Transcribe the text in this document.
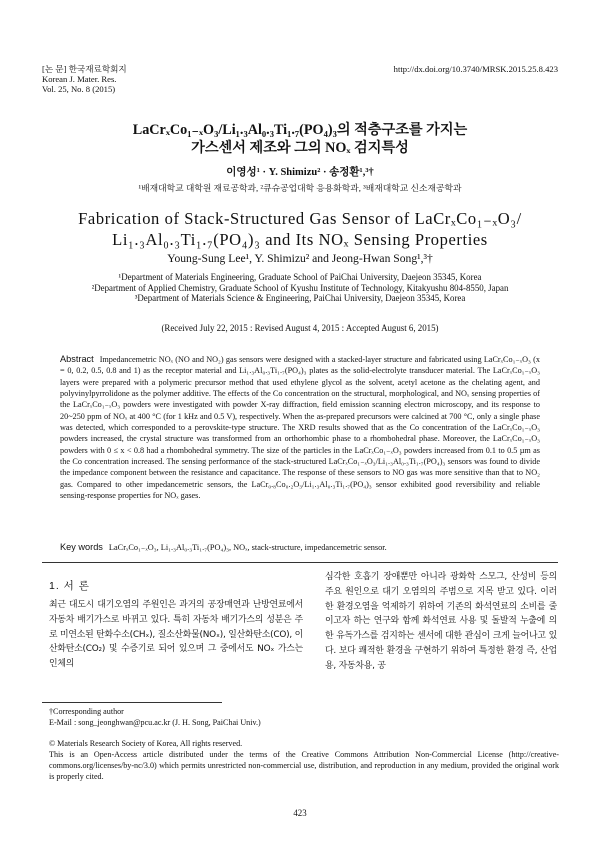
[논 문] 한국재료학회지
Korean J. Mater. Res.
Vol. 25, No. 8 (2015)
http://dx.doi.org/10.3740/MRSK.2015.25.8.423
LaCrₓCo₁₋ₓO₃/Li₁.₃Al₀.₃Ti₁.₇(PO₄)₃의 적층구조를 가지는
가스센서 제조와 그의 NOₓ 검지특성
이영성¹ · Y. Shimizu² · 송정환¹,³†
¹배재대학교 대학원 재료공학과, ²큐슈공업대학 응용화학과, ³배재대학교 신소재공학과
Fabrication of Stack-Structured Gas Sensor of LaCrₓCo₁₋ₓO₃/
Li₁.₃Al₀.₃Ti₁.₇(PO₄)₃ and Its NOₓ Sensing Properties
Young-Sung Lee¹, Y. Shimizu² and Jeong-Hwan Song¹,³†
¹Department of Materials Engineering, Graduate School of PaiChai University, Daejeon 35345, Korea
²Department of Applied Chemistry, Graduate School of Kyushu Institute of Technology, Kitakyushu 804-8550, Japan
³Department of Materials Science & Engineering, PaiChai University, Daejeon 35345, Korea
(Received July 22, 2015 : Revised August 4, 2015 : Accepted August 6, 2015)
Abstract Impedancemetric NOₓ (NO and NO₂) gas sensors were designed with a stacked-layer structure and fabricated using LaCrₓCo₁₋ₓO₃ (x = 0, 0.2, 0.5, 0.8 and 1) as the receptor material and Li₁.₃Al₀.₃Ti₁.₇(PO₄)₃ plates as the solid-electrolyte transducer material. The LaCrₓCo₁₋ₓO₃ layers were prepared with a polymeric precursor method that used ethylene glycol as the solvent, acetyl acetone as the chelating agent, and polyvinylpyrrolidone as the polymer additive. The effects of the Co concentration on the structural, morphological, and NOₓ sensing properties of the LaCrₓCo₁₋ₓO₃ powders were investigated with powder X-ray diffraction, field emission scanning electron microscopy, and its response to 20~250 ppm of NOₓ at 400 °C (for 1 kHz and 0.5 V), respectively. When the as-prepared precursors were calcined at 700 °C, only a single phase was detected, which corresponded to a perovskite-type structure. The XRD results showed that as the Co concentration of the LaCrₓCo₁₋ₓO₃ powders increased, the crystal structure was transformed from an orthorhombic phase to a rhombohedral phase. Moreover, the LaCrₓCo₁₋ₓO₃ powders with 0 ≤ x < 0.8 had a rhombohedral symmetry. The size of the particles in the LaCrₓCo₁₋ₓO₃ powders increased from 0.1 to 0.5 µm as the Co concentration increased. The sensing performance of the stack-structured LaCrₓCo₁₋ₓO₃/Li₁.₃Al₀.₃Ti₁.₇(PO₄)₃ sensors was found to divide the impedance component between the resistance and capacitance. The response of these sensors to NO gas was more sensitive than that to NO₂ gas. Compared to other impedancemetric sensors, the LaCr₀.₈Co₀.₂O₃/Li₁.₃Al₀.₃Ti₁.₇(PO₄)₃ sensor exhibited good reversibility and reliable sensing-response properties for NOₓ gases.
Key words LaCrₓCo₁₋ₓO₃, Li₁.₃Al₀.₃Ti₁.₇(PO₄)₃, NOₓ, stack-structure, impedancemetric sensor.
1. 서 론
최근 대도시 대기오염의 주원인은 과거의 공장매연과 난방연료에서 자동차 배기가스로 바뀌고 있다. 특히 자동차 배기가스의 성분은 주로 미연소된 탄화수소(CHₓ), 질소산화물(NOₓ), 일산화탄소(CO), 이산화탄소(CO₂) 및 수증기로 되어 있으며 그 중에서도 NOₓ 가스는 인체의
심각한 호흡기 장애뿐만 아니라 광화학 스모그, 산성비 등의 주요 원인으로 대기 오염의의 주범으로 지목 받고 있다. 이러한 환경오염을 억제하기 위하여 기존의 화석연료의 소비를 줄이고자 하는 연구와 함께 화석연료 사용 및 돌발적 누출에 의한 유독가스를 검지하는 센서에 대한 관심이 크게 늘어나고 있다. 보다 쾌적한 환경을 구현하기 위하여 특정한 환경 즉, 산업용, 자동차용, 공
†Corresponding author
E-Mail : song_jeonghwan@pcu.ac.kr (J. H. Song, PaiChai Univ.)
© Materials Research Society of Korea, All rights reserved.
This is an Open-Access article distributed under the terms of the Creative Commons Attribution Non-Commercial License (http://creative-commons.org/licenses/by-nc/3.0) which permits unrestricted non-commercial use, distribution, and reproduction in any medium, provided the original work is properly cited.
423
